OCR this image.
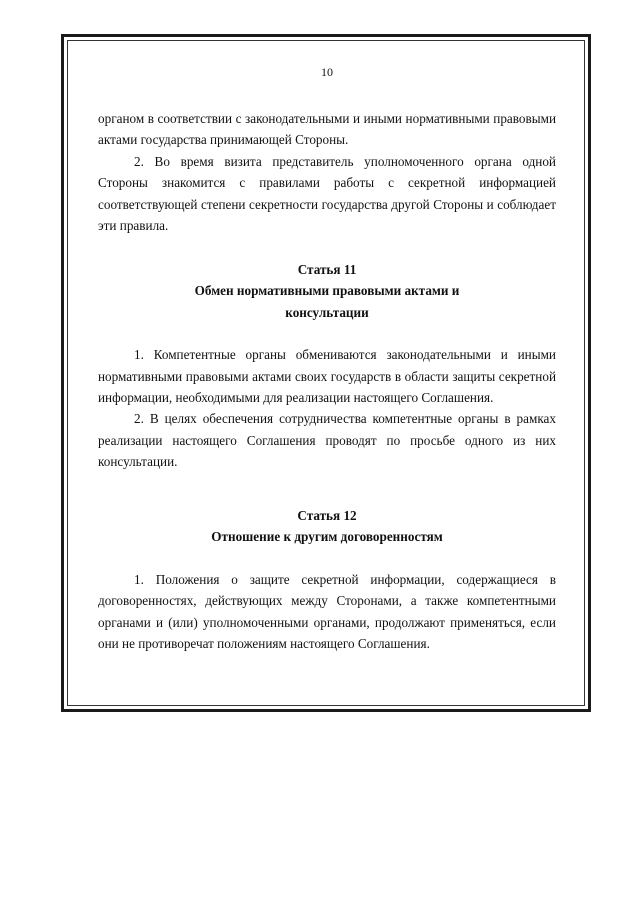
10

органом в соответствии с законодательными и иными нормативными правовыми актами государства принимающей Стороны.

2. Во время визита представитель уполномоченного органа одной Стороны знакомится с правилами работы с секретной информацией соответствующей степени секретности государства другой Стороны и соблюдает эти правила.

Статья 11

Обмен нормативными правовыми актами и

консультации

1. Компетентные органы обмениваются законодательными и иными нормативными правовыми актами своих государств в области защиты секретной информации, необходимыми для реализации настоящего Соглашения.

2. В целях обеспечения сотрудничества компетентные органы в рамках реализации настоящего Соглашения проводят по просьбе одного из них консультации.

Статья 12

Отношение к другим договоренностям

1. Положения о защите секретной информации, содержащиеся в договоренностях, действующих между Сторонами, а также компетентными органами и (или) уполномоченными органами, продолжают применяться, если они не противоречат положениям настоящего Соглашения.
